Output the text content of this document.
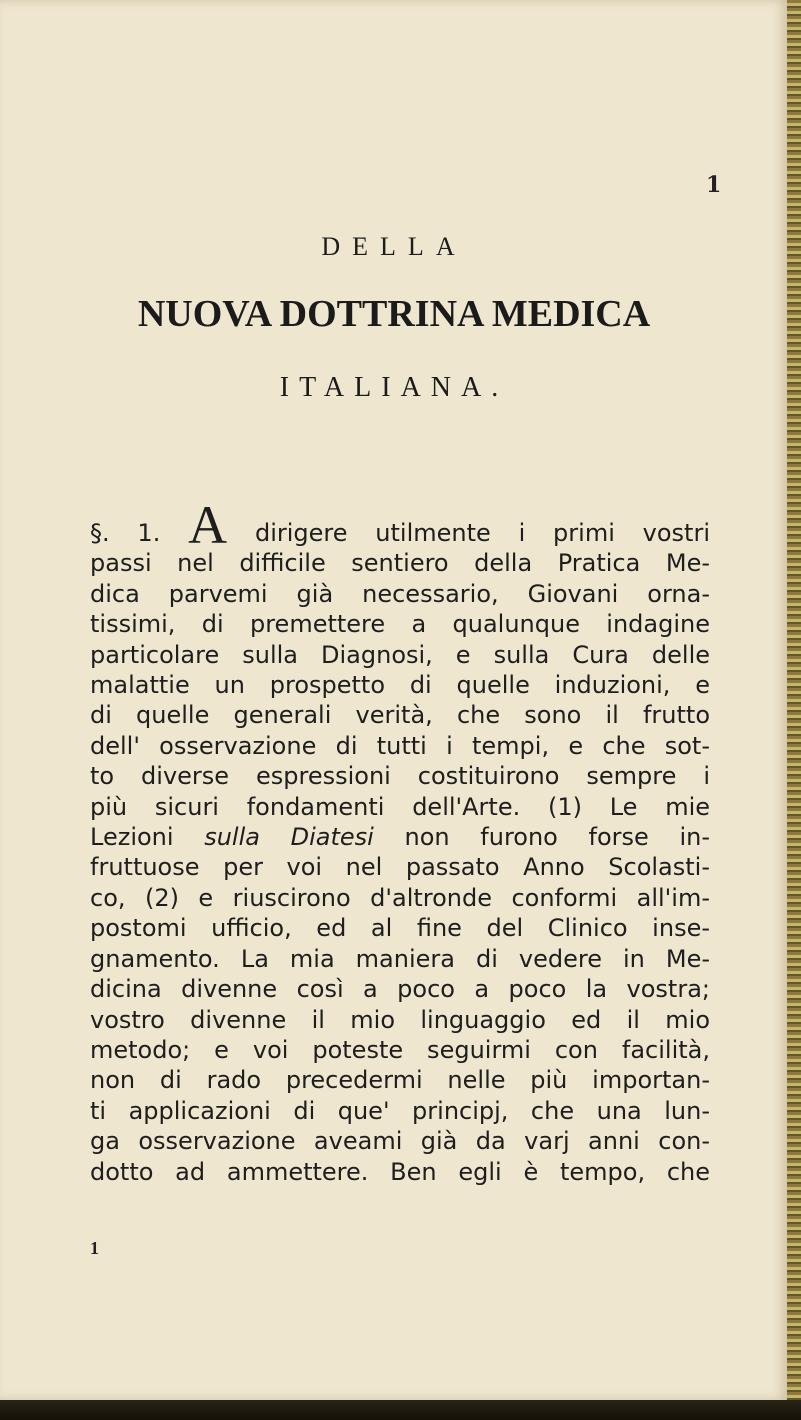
1
DELLA
NUOVA DOTTRINA MEDICA
ITALIANA.
§. 1. A dirigere utilmente i primi vostri
passi nel difficile sentiero della Pratica Me-
dica parvemi già necessario, Giovani orna-
tissimi, di premettere a qualunque indagine
particolare sulla Diagnosi, e sulla Cura delle
malattie un prospetto di quelle induzioni, e
di quelle generali verità, che sono il frutto
dell' osservazione di tutti i tempi, e che sot-
to diverse espressioni costituirono sempre i
più sicuri fondamenti dell'Arte. (1) Le mie
Lezioni sulla Diatesi non furono forse in-
fruttuose per voi nel passato Anno Scolasti-
co, (2) e riuscirono d'altronde conformi all'im-
postomi ufficio, ed al fine del Clinico inse-
gnamento. La mia maniera di vedere in Me-
dicina divenne così a poco a poco la vostra;
vostro divenne il mio linguaggio ed il mio
metodo; e voi poteste seguirmi con facilità,
non di rado precedermi nelle più importan-
ti applicazioni di que' principj, che una lun-
ga osservazione aveami già da varj anni con-
dotto ad ammettere. Ben egli è tempo, che
1
